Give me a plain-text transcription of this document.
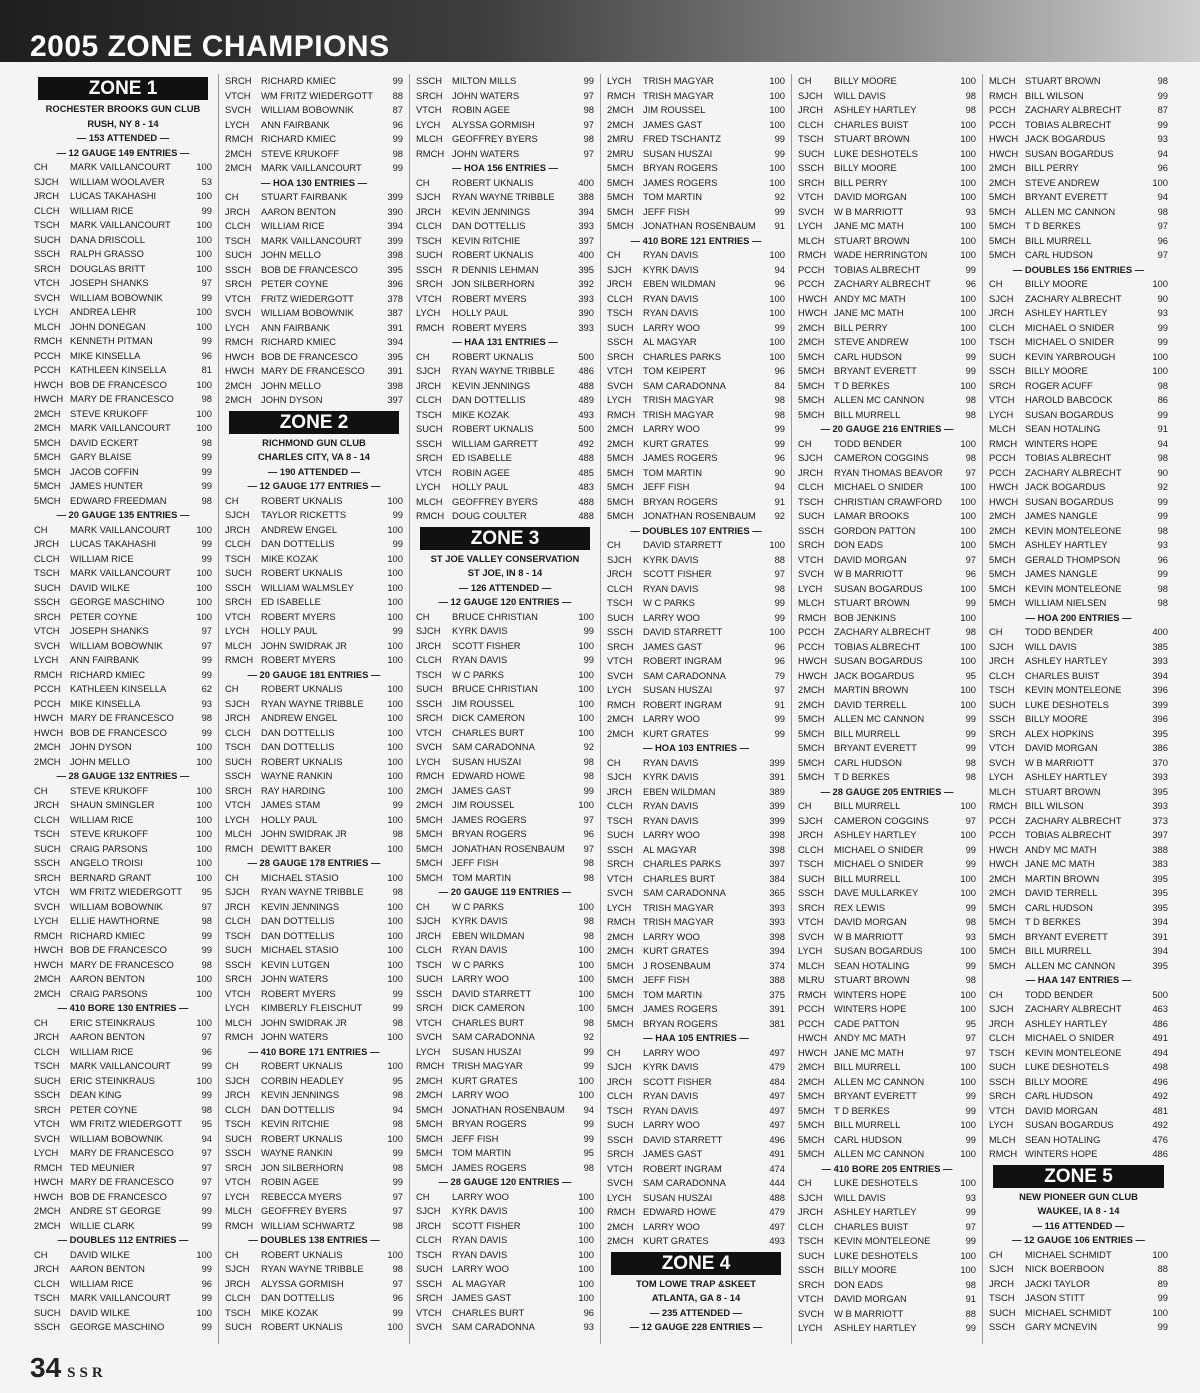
2005 ZONE CHAMPIONS
ZONE 1
ROCHESTER BROOKS GUN CLUB
RUSH, NY 8 - 14
— 153 ATTENDED —
— 12 GAUGE 149 ENTRIES —
CH	MARK VAILLANCOURT	100
SJCH	WILLIAM WOOLAVER	53
JRCH	LUCAS TAKAHASHI	100
CLCH	WILLIAM RICE	99
TSCH	MARK VAILLANCOURT	100
SUCH	DANA DRISCOLL	100
SSCH	RALPH GRASSO	100
SRCH	DOUGLAS BRITT	100
VTCH	JOSEPH SHANKS	97
SVCH	WILLIAM BOBOWNIK	99
LYCH	ANDREA LEHR	100
MLCH	JOHN DONEGAN	100
RMCH KENNETH PITMAN	99
PCCH	MIKE KINSELLA	96
PCCH	KATHLEEN KINSELLA	81
HWCH BOB DE FRANCESCO	100
HWCH MARY DE FRANCESCO	98
2MCH	STEVE KRUKOFF	100
2MCH	MARK VAILLANCOURT	100
5MCH	DAVID ECKERT	98
5MCH	GARY BLAISE	99
5MCH	JACOB COFFIN	99
5MCH	JAMES HUNTER	99
5MCH	EDWARD FREEDMAN	98
— 20 GAUGE 135 ENTRIES —
CH	MARK VAILLANCOURT	100
JRCH	LUCAS TAKAHASHI	99
CLCH	WILLIAM RICE	99
TSCH	MARK VAILLANCOURT	100
SUCH	DAVID WILKE	100
SSCH	GEORGE MASCHINO	100
SRCH	PETER COYNE	100
VTCH	JOSEPH SHANKS	97
SVCH	WILLIAM BOBOWNIK	97
LYCH	ANN FAIRBANK	99
RMCH RICHARD KMIEC	99
PCCH	KATHLEEN KINSELLA	62
PCCH	MIKE KINSELLA	93
HWCH MARY DE FRANCESCO	98
HWCH BOB DE FRANCESCO	99
2MCH	JOHN DYSON	100
2MCH	JOHN MELLO	100
— 28 GAUGE 132 ENTRIES —
CH	STEVE KRUKOFF	100
JRCH	SHAUN SMINGLER	100
CLCH	WILLIAM RICE	100
TSCH	STEVE KRUKOFF	100
SUCH	CRAIG PARSONS	100
SSCH	ANGELO TROISI	100
SRCH	BERNARD GRANT	100
VTCH	WM FRITZ WIEDERGOTT	95
SVCH	WILLIAM BOBOWNIK	97
LYCH	ELLIE HAWTHORNE	98
RMCH RICHARD KMIEC	99
HWCH BOB DE FRANCESCO	99
HWCH MARY DE FRANCESCO	98
2MCH	AARON BENTON	100
2MCH	CRAIG PARSONS	100
— 410 BORE 130 ENTRIES —
CH	ERIC STEINKRAUS	100
JRCH	AARON BENTON	97
CLCH	WILLIAM RICE	96
TSCH	MARK VAILLANCOURT	99
SUCH	ERIC STEINKRAUS	100
SSCH	DEAN KING	99
SRCH	PETER COYNE	98
VTCH	WM FRITZ WIEDERGOTT	95
SVCH	WILLIAM BOBOWNIK	94
LYCH	MARY DE FRANCESCO	97
RMCH TED MEUNIER	97
HWCH MARY DE FRANCESCO	97
HWCH BOB DE FRANCESCO	97
2MCH	ANDRE ST GEORGE	99
2MCH	WILLIE CLARK	99
— DOUBLES 112 ENTRIES —
CH	DAVID WILKE	100
JRCH	AARON BENTON	99
CLCH	WILLIAM RICE	96
TSCH	MARK VAILLANCOURT	99
SUCH	DAVID WILKE	100
SSCH	GEORGE MASCHINO	99
SRCH	RICHARD KMIEC	99
VTCH	WM FRITZ WIEDERGOTT	88
SVCH	WILLIAM BOBOWNIK	87
LYCH	ANN FAIRBANK	96
RMCH RICHARD KMIEC	99
2MCH	STEVE KRUKOFF	98
2MCH	MARK VAILLANCOURT	99
— HOA 130 ENTRIES —
CH	STUART FAIRBANK	399
JRCH	AARON BENTON	390
CLCH	WILLIAM RICE	394
TSCH	MARK VAILLANCOURT	399
SUCH	JOHN MELLO	398
SSCH	BOB DE FRANCESCO	395
SRCH	PETER COYNE	396
VTCH	FRITZ WIEDERGOTT	378
SVCH	WILLIAM BOBOWNIK	387
LYCH	ANN FAIRBANK	391
RMCH RICHARD KMIEC	394
HWCH BOB DE FRANCESCO	395
HWCH MARY DE FRANCESCO	391
2MCH	JOHN MELLO	398
2MCH	JOHN DYSON	397
ZONE 2
RICHMOND GUN CLUB
CHARLES CITY, VA 8 - 14
— 190 ATTENDED —
— 12 GAUGE 177 ENTRIES —
CH	ROBERT UKNALIS	100
SJCH	TAYLOR RICKETTS	99
JRCH	ANDREW ENGEL	100
CLCH	DAN DOTTELLIS	99
TSCH	MIKE KOZAK	100
SUCH	ROBERT UKNALIS	100
SSCH	WILLIAM WALMSLEY	100
SRCH	ED ISABELLE	100
VTCH	ROBERT MYERS	100
LYCH	HOLLY PAUL	99
MLCH	JOHN SWIDRAK JR	100
RMCH ROBERT MYERS	100
— 20 GAUGE 181 ENTRIES —
CH	ROBERT UKNALIS	100
SJCH	RYAN WAYNE TRIBBLE	100
JRCH	ANDREW ENGEL	100
CLCH	DAN DOTTELLIS	100
TSCH	DAN DOTTELLIS	100
SUCH	ROBERT UKNALIS	100
SSCH	WAYNE RANKIN	100
SRCH	RAY HARDING	100
VTCH	JAMES STAM	99
LYCH	HOLLY PAUL	100
MLCH	JOHN SWIDRAK JR	98
RMCH DEWITT BAKER	100
— 28 GAUGE 178 ENTRIES —
CH	MICHAEL STASIO	100
SJCH	RYAN WAYNE TRIBBLE	98
JRCH	KEVIN JENNINGS	100
CLCH	DAN DOTTELLIS	100
TSCH	DAN DOTTELLIS	100
SUCH	MICHAEL STASIO	100
SSCH	KEVIN LUTGEN	100
SRCH	JOHN WATERS	100
VTCH	ROBERT MYERS	99
LYCH	KIMBERLY FLEISCHUT	99
MLCH	JOHN SWIDRAK JR	98
RMCH JOHN WATERS	100
— 410 BORE 171 ENTRIES —
CH	ROBERT UKNALIS	100
SJCH	CORBIN HEADLEY	95
JRCH	KEVIN JENNINGS	98
CLCH	DAN DOTTELLIS	94
TSCH	KEVIN RITCHIE	98
SUCH	ROBERT UKNALIS	100
SSCH	WAYNE RANKIN	99
SRCH	JON SILBERHORN	98
VTCH	ROBIN AGEE	99
LYCH	REBECCA MYERS	97
MLCH	GEOFFREY BYERS	97
RMCH WILLIAM SCHWARTZ	98
— DOUBLES 138 ENTRIES —
CH	ROBERT UKNALIS	100
SJCH	RYAN WAYNE TRIBBLE	98
JRCH	ALYSSA GORMISH	97
CLCH	DAN DOTTELLIS	96
TSCH	MIKE KOZAK	99
SUCH	ROBERT UKNALIS	100
SSCH	MILTON MILLS	99
SRCH	JOHN WATERS	97
VTCH	ROBIN AGEE	98
LYCH	ALYSSA GORMISH	97
MLCH	GEOFFREY BYERS	98
RMCH JOHN WATERS	97
— HOA 156 ENTRIES —
CH	ROBERT UKNALIS	400
SJCH	RYAN WAYNE TRIBBLE	388
JRCH	KEVIN JENNINGS	394
CLCH	DAN DOTTELLIS	393
TSCH	KEVIN RITCHIE	397
SUCH	ROBERT UKNALIS	400
SSCH	R DENNIS LEHMAN	395
SRCH	JON SILBERHORN	392
VTCH	ROBERT MYERS	393
LYCH	HOLLY PAUL	390
RMCH ROBERT MYERS	393
— HAA 131 ENTRIES —
CH	ROBERT UKNALIS	500
SJCH	RYAN WAYNE TRIBBLE	486
JRCH	KEVIN JENNINGS	488
CLCH	DAN DOTTELLIS	489
TSCH	MIKE KOZAK	493
SUCH	ROBERT UKNALIS	500
SSCH	WILLIAM GARRETT	492
SRCH	ED ISABELLE	488
VTCH	ROBIN AGEE	485
LYCH	HOLLY PAUL	483
MLCH	GEOFFREY BYERS	488
RMCH DOUG COULTER	488
ZONE 3
ST JOE VALLEY CONSERVATION
ST JOE, IN 8 - 14
— 126 ATTENDED —
— 12 GAUGE 120 ENTRIES —
CH	BRUCE CHRISTIAN	100
SJCH	KYRK DAVIS	99
JRCH	SCOTT FISHER	100
CLCH	RYAN DAVIS	99
TSCH	W C PARKS	100
SUCH	BRUCE CHRISTIAN	100
SSCH	JIM ROUSSEL	100
SRCH	DICK CAMERON	100
VTCH	CHARLES BURT	100
SVCH	SAM CARADONNA	92
LYCH	SUSAN HUSZAI	98
RMCH EDWARD HOWE	98
2MCH	JAMES GAST	99
2MCH	JIM ROUSSEL	100
5MCH	JAMES ROGERS	97
5MCH	BRYAN ROGERS	96
5MCH	JONATHAN ROSENBAUM	97
5MCH	JEFF FISH	98
5MCH	TOM MARTIN	98
— 20 GAUGE 119 ENTRIES —
CH	W C PARKS	100
SJCH	KYRK DAVIS	98
JRCH	EBEN WILDMAN	98
CLCH	RYAN DAVIS	100
TSCH	W C PARKS	100
SUCH	LARRY WOO	100
SSCH	DAVID STARRETT	100
SRCH	DICK CAMERON	100
VTCH	CHARLES BURT	98
SVCH	SAM CARADONNA	92
LYCH	SUSAN HUSZAI	99
RMCH TRISH MAGYAR	99
2MCH	KURT GRATES	100
2MCH	LARRY WOO	100
5MCH	JONATHAN ROSENBAUM	94
5MCH	BRYAN ROGERS	99
5MCH	JEFF FISH	99
5MCH	TOM MARTIN	95
5MCH	JAMES ROGERS	98
— 28 GAUGE 120 ENTRIES —
CH	LARRY WOO	100
SJCH	KYRK DAVIS	100
JRCH	SCOTT FISHER	100
CLCH	RYAN DAVIS	100
TSCH	RYAN DAVIS	100
SUCH	LARRY WOO	100
SSCH	AL MAGYAR	100
SRCH	JAMES GAST	100
VTCH	CHARLES BURT	96
SVCH	SAM CARADONNA	93
LYCH	TRISH MAGYAR	100
RMCH TRISH MAGYAR	100
2MCH	JIM ROUSSEL	100
2MCH	JAMES GAST	100
2MRU	FRED TSCHANTZ	99
2MRU	SUSAN HUSZAI	99
5MCH	BRYAN ROGERS	100
5MCH	JAMES ROGERS	100
5MCH	TOM MARTIN	92
5MCH	JEFF FISH	99
5MCH	JONATHAN ROSENBAUM	91
— 410 BORE 121 ENTRIES —
CH	RYAN DAVIS	100
SJCH	KYRK DAVIS	94
JRCH	EBEN WILDMAN	96
CLCH	RYAN DAVIS	100
TSCH	RYAN DAVIS	100
SUCH	LARRY WOO	99
SSCH	AL MAGYAR	100
SRCH	CHARLES PARKS	100
VTCH	TOM KEIPERT	96
SVCH	SAM CARADONNA	84
LYCH	TRISH MAGYAR	98
RMCH TRISH MAGYAR	98
2MCH	LARRY WOO	99
2MCH	KURT GRATES	99
5MCH	JAMES ROGERS	96
5MCH	TOM MARTIN	90
5MCH	JEFF FISH	94
5MCH	BRYAN ROGERS	91
5MCH	JONATHAN ROSENBAUM	92
— DOUBLES 107 ENTRIES —
CH	DAVID STARRETT	100
SJCH	KYRK DAVIS	88
JRCH	SCOTT FISHER	97
CLCH	RYAN DAVIS	98
TSCH	W C PARKS	99
SUCH	LARRY WOO	99
SSCH	DAVID STARRETT	100
SRCH	JAMES GAST	96
VTCH	ROBERT INGRAM	96
SVCH	SAM CARADONNA	79
LYCH	SUSAN HUSZAI	97
RMCH ROBERT INGRAM	91
2MCH	LARRY WOO	99
2MCH	KURT GRATES	99
— HOA 103 ENTRIES —
CH	RYAN DAVIS	399
SJCH	KYRK DAVIS	391
JRCH	EBEN WILDMAN	389
CLCH	RYAN DAVIS	399
TSCH	RYAN DAVIS	399
SUCH	LARRY WOO	398
SSCH	AL MAGYAR	398
SRCH	CHARLES PARKS	397
VTCH	CHARLES BURT	384
SVCH	SAM CARADONNA	365
LYCH	TRISH MAGYAR	393
RMCH TRISH MAGYAR	393
2MCH	LARRY WOO	398
2MCH	KURT GRATES	394
5MCH	J ROSENBAUM	374
5MCH	JEFF FISH	388
5MCH	TOM MARTIN	375
5MCH	JAMES ROGERS	391
5MCH	BRYAN ROGERS	381
— HAA 105 ENTRIES —
CH	LARRY WOO	497
SJCH	KYRK DAVIS	479
JRCH	SCOTT FISHER	484
CLCH	RYAN DAVIS	497
TSCH	RYAN DAVIS	497
SUCH	LARRY WOO	497
SSCH	DAVID STARRETT	496
SRCH	JAMES GAST	491
VTCH	ROBERT INGRAM	474
SVCH	SAM CARADONNA	444
LYCH	SUSAN HUSZAI	488
RMCH EDWARD HOWE	479
2MCH	LARRY WOO	497
2MCH	KURT GRATES	493
ZONE 4
TOM LOWE TRAP &SKEET
ATLANTA, GA 8 - 14
— 235 ATTENDED —
— 12 GAUGE 228 ENTRIES —
CH	BILLY MOORE	100
SJCH	WILL DAVIS	98
JRCH	ASHLEY HARTLEY	98
CLCH	CHARLES BUIST	100
TSCH	STUART BROWN	100
SUCH	LUKE DESHOTELS	100
SSCH	BILLY MOORE	100
SRCH	BILL PERRY	100
VTCH	DAVID MORGAN	100
SVCH	W B MARRIOTT	93
LYCH	JANE MC MATH	100
MLCH	STUART BROWN	100
RMCH WADE HERRINGTON	100
PCCH	TOBIAS ALBRECHT	99
PCCH	ZACHARY ALBRECHT	96
HWCH ANDY MC MATH	100
HWCH JANE MC MATH	100
2MCH	BILL PERRY	100
2MCH	STEVE ANDREW	100
5MCH	CARL HUDSON	99
5MCH	BRYANT EVERETT	99
5MCH	T D BERKES	100
5MCH	ALLEN MC CANNON	98
5MCH	BILL MURRELL	98
— 20 GAUGE 216 ENTRIES —
CH	TODD BENDER	100
SJCH	CAMERON COGGINS	98
JRCH	RYAN THOMAS BEAVOR	97
CLCH	MICHAEL O SNIDER	100
TSCH	CHRISTIAN CRAWFORD	100
SUCH	LAMAR BROOKS	100
SSCH	GORDON PATTON	100
SRCH	DON EADS	100
VTCH	DAVID MORGAN	97
SVCH	W B MARRIOTT	96
LYCH	SUSAN BOGARDUS	100
MLCH	STUART BROWN	99
RMCH BOB JENKINS	100
PCCH	ZACHARY ALBRECHT	98
PCCH	TOBIAS ALBRECHT	100
HWCH SUSAN BOGARDUS	100
HWCH JACK BOGARDUS	95
2MCH	MARTIN BROWN	100
2MCH	DAVID TERRELL	100
5MCH	ALLEN MC CANNON	99
5MCH	BILL MURRELL	99
5MCH	BRYANT EVERETT	99
5MCH	CARL HUDSON	98
5MCH	T D BERKES	98
— 28 GAUGE 205 ENTRIES —
CH	BILL MURRELL	100
SJCH	CAMERON COGGINS	97
JRCH	ASHLEY HARTLEY	100
CLCH	MICHAEL O SNIDER	99
TSCH	MICHAEL O SNIDER	99
SUCH	BILL MURRELL	100
SSCH	DAVE MULLARKEY	100
SRCH	REX LEWIS	99
VTCH	DAVID MORGAN	98
SVCH	W B MARRIOTT	93
LYCH	SUSAN BOGARDUS	100
MLCH	SEAN HOTALING	99
MLRU	STUART BROWN	98
RMCH WINTERS HOPE	100
PCCH	WINTERS HOPE	100
PCCH	CADE PATTON	95
HWCH ANDY MC MATH	97
HWCH JANE MC MATH	97
2MCH	BILL MURRELL	100
2MCH	ALLEN MC CANNON	100
5MCH	BRYANT EVERETT	99
5MCH	T D BERKES	99
5MCH	BILL MURRELL	100
5MCH	CARL HUDSON	99
5MCH	ALLEN MC CANNON	100
— 410 BORE 205 ENTRIES —
CH	LUKE DESHOTELS	100
SJCH	WILL DAVIS	93
JRCH	ASHLEY HARTLEY	99
CLCH	CHARLES BUIST	97
TSCH	KEVIN MONTELEONE	99
SUCH	LUKE DESHOTELS	100
SSCH	BILLY MOORE	100
SRCH	DON EADS	98
VTCH	DAVID MORGAN	91
SVCH	W B MARRIOTT	88
LYCH	ASHLEY HARTLEY	99
MLCH	STUART BROWN	98
RMCH BILL WILSON	99
PCCH	ZACHARY ALBRECHT	87
PCCH	TOBIAS ALBRECHT	99
HWCH JACK BOGARDUS	93
HWCH SUSAN BOGARDUS	94
2MCH	BILL PERRY	96
2MCH	STEVE ANDREW	100
5MCH	BRYANT EVERETT	94
5MCH	ALLEN MC CANNON	98
5MCH	T D BERKES	97
5MCH	BILL MURRELL	96
5MCH	CARL HUDSON	97
— DOUBLES 156 ENTRIES —
CH	BILLY MOORE	100
SJCH	ZACHARY ALBRECHT	90
JRCH	ASHLEY HARTLEY	93
CLCH	MICHAEL O SNIDER	99
TSCH	MICHAEL O SNIDER	99
SUCH	KEVIN YARBROUGH	100
SSCH	BILLY MOORE	100
SRCH	ROGER ACUFF	98
VTCH	HAROLD BABCOCK	86
LYCH	SUSAN BOGARDUS	99
MLCH	SEAN HOTALING	91
RMCH WINTERS HOPE	94
PCCH	TOBIAS ALBRECHT	98
PCCH	ZACHARY ALBRECHT	90
HWCH JACK BOGARDUS	92
HWCH SUSAN BOGARDUS	99
2MCH	JAMES NANGLE	99
2MCH	KEVIN MONTELEONE	98
5MCH	ASHLEY HARTLEY	93
5MCH	GERALD THOMPSON	96
5MCH	JAMES NANGLE	99
5MCH	KEVIN MONTELEONE	98
5MCH	WILLIAM NIELSEN	98
— HOA 200 ENTRIES —
CH	TODD BENDER	400
SJCH	WILL DAVIS	385
JRCH	ASHLEY HARTLEY	393
CLCH	CHARLES BUIST	394
TSCH	KEVIN MONTELEONE	396
SUCH	LUKE DESHOTELS	399
SSCH	BILLY MOORE	396
SRCH	ALEX HOPKINS	395
VTCH	DAVID MORGAN	386
SVCH	W B MARRIOTT	370
LYCH	ASHLEY HARTLEY	393
MLCH	STUART BROWN	395
RMCH BILL WILSON	393
PCCH	ZACHARY ALBRECHT	373
PCCH	TOBIAS ALBRECHT	397
HWCH ANDY MC MATH	388
HWCH JANE MC MATH	383
2MCH	MARTIN BROWN	395
2MCH	DAVID TERRELL	395
5MCH	CARL HUDSON	395
5MCH	T D BERKES	394
5MCH	BRYANT EVERETT	391
5MCH	BILL MURRELL	394
5MCH	ALLEN MC CANNON	395
— HAA 147 ENTRIES —
CH	TODD BENDER	500
SJCH	ZACHARY ALBRECHT	463
JRCH	ASHLEY HARTLEY	486
CLCH	MICHAEL O SNIDER	491
TSCH	KEVIN MONTELEONE	494
SUCH	LUKE DESHOTELS	498
SSCH	BILLY MOORE	496
SRCH	CARL HUDSON	492
VTCH	DAVID MORGAN	481
LYCH	SUSAN BOGARDUS	492
MLCH	SEAN HOTALING	476
RMCH WINTERS HOPE	486
ZONE 5
NEW PIONEER GUN CLUB
WAUKEE, IA 8 - 14
— 116 ATTENDED —
— 12 GAUGE 106 ENTRIES —
CH	MICHAEL SCHMIDT	100
SJCH	NICK BOERBOON	88
JRCH	JACKI TAYLOR	89
TSCH	JASON STITT	99
SUCH	MICHAEL SCHMIDT	100
SSCH	GARY MCNEVIN	99
34 SSR
